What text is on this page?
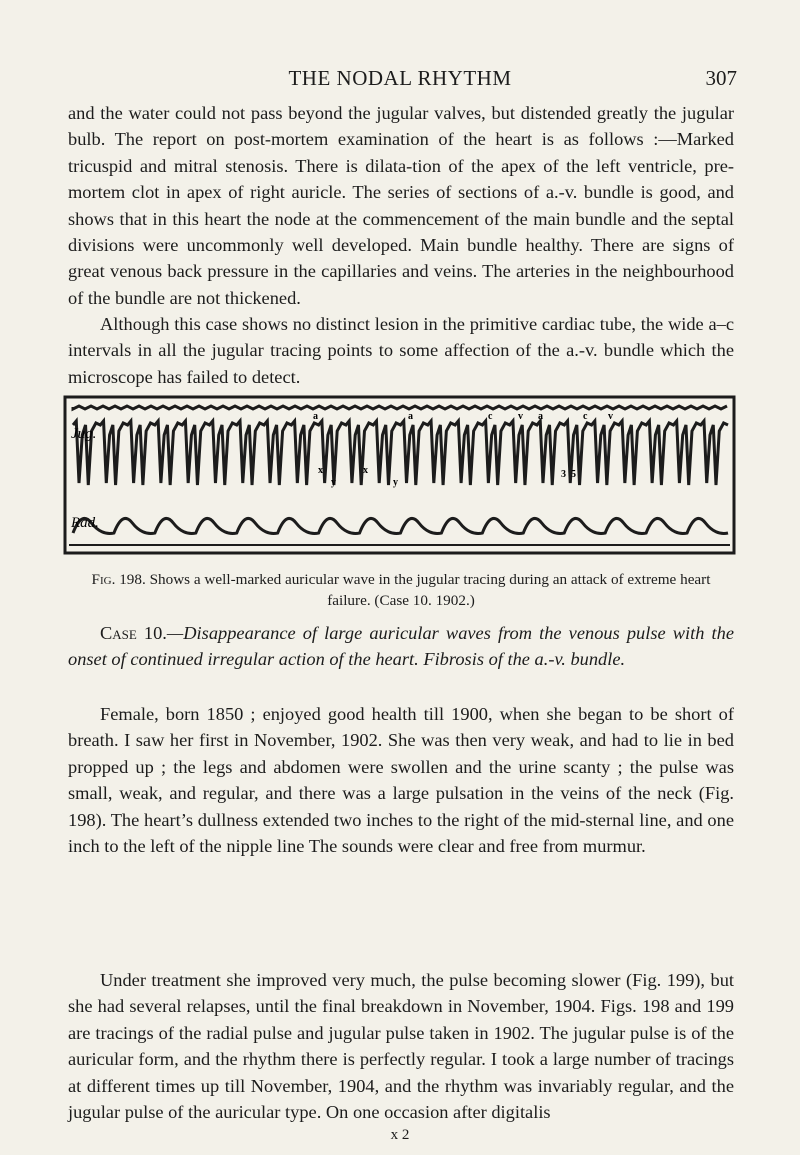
THE NODAL RHYTHM	307

and the water could not pass beyond the jugular valves, but distended greatly the jugular bulb. The report on post-mortem examination of the heart is as follows :—Marked tricuspid and mitral stenosis. There is dilata-tion of the apex of the left ventricle, pre-mortem clot in apex of right auricle. The series of sections of a.-v. bundle is good, and shows that in this heart the node at the commencement of the main bundle and the septal divisions were uncommonly well developed. Main bundle healthy. There are signs of great venous back pressure in the capillaries and veins. The arteries in the neighbourhood of the bundle are not thickened.

Although this case shows no distinct lesion in the primitive cardiac tube, the wide a–c intervals in all the jugular tracing points to some affection of the a.-v. bundle which the microscope has failed to detect.

Jug.
Rad.
a	a	c	v a	c v
x
y
x
y
3 5
Fig. 198. Shows a well-marked auricular wave in the jugular tracing during an attack of extreme heart failure. (Case 10. 1902.)

Case 10.—Disappearance of large auricular waves from the venous pulse with the onset of continued irregular action of the heart. Fibrosis of the a.-v. bundle.

Female, born 1850 ; enjoyed good health till 1900, when she began to be short of breath. I saw her first in November, 1902. She was then very weak, and had to lie in bed propped up ; the legs and abdomen were swollen and the urine scanty ; the pulse was small, weak, and regular, and there was a large pulsation in the veins of the neck (Fig. 198). The heart’s dullness extended two inches to the right of the mid-sternal line, and one inch to the left of the nipple line The sounds were clear and free from murmur.

Under treatment she improved very much, the pulse becoming slower (Fig. 199), but she had several relapses, until the final breakdown in November, 1904. Figs. 198 and 199 are tracings of the radial pulse and jugular pulse taken in 1902. The jugular pulse is of the auricular form, and the rhythm there is perfectly regular. I took a large number of tracings at different times up till November, 1904, and the rhythm was invariably regular, and the jugular pulse of the auricular type. On one occasion after digitalis

x 2
